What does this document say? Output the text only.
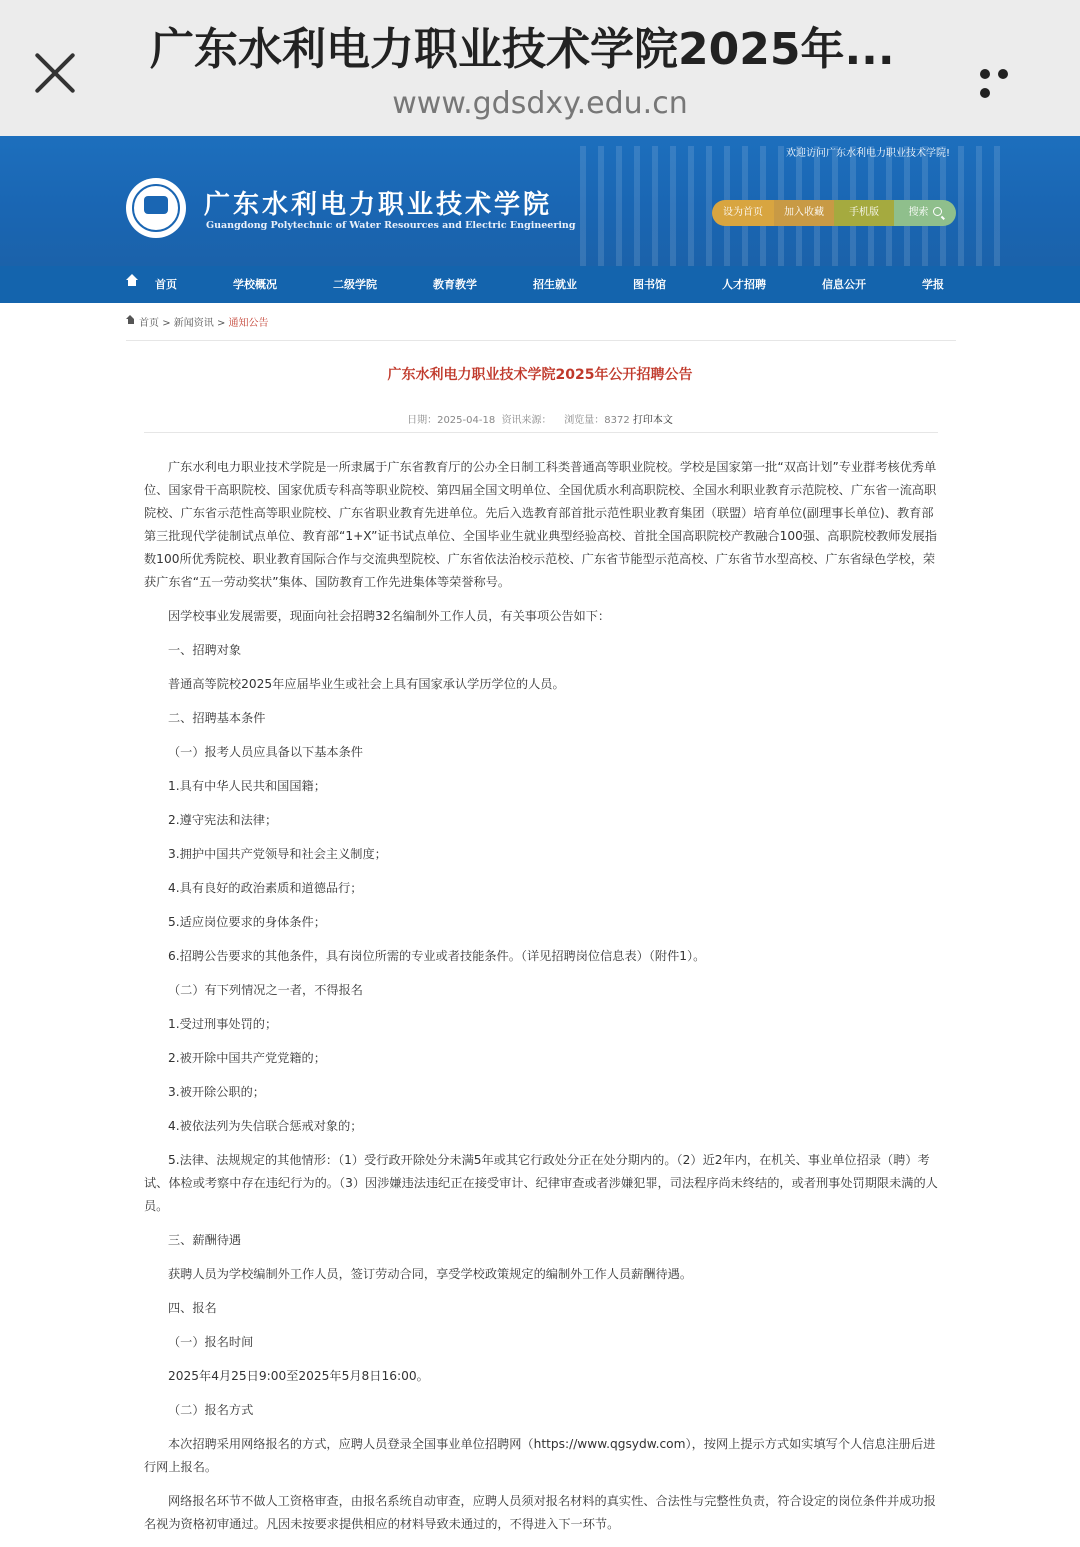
广东水利电力职业技术学院2025年...
www.gdsdxy.edu.cn
欢迎访问广东水利电力职业技术学院!
广东水利电力职业技术学院
Guangdong Polytechnic of Water Resources and Electric Engineering
设为首页	加入收藏	手机版	搜索
首页	学校概况	二级学院	教育教学	招生就业	图书馆	人才招聘	信息公开	学报
首页 > 新闻资讯 > 通知公告
广东水利电力职业技术学院2025年公开招聘公告
日期：2025-04-18 资讯来源： 浏览量：8372 打印本文

广东水利电力职业技术学院是一所隶属于广东省教育厅的公办全日制工科类普通高等职业院校。学校是国家第一批“双高计划”专业群考核优秀单位、国家骨干高职院校、国家优质专科高等职业院校、第四届全国文明单位、全国优质水利高职院校、全国水利职业教育示范院校、广东省一流高职院校、广东省示范性高等职业院校、广东省职业教育先进单位。先后入选教育部首批示范性职业教育集团（联盟）培育单位(副理事长单位)、教育部第三批现代学徒制试点单位、教育部“1+X”证书试点单位、全国毕业生就业典型经验高校、首批全国高职院校产教融合100强、高职院校教师发展指数100所优秀院校、职业教育国际合作与交流典型院校、广东省依法治校示范校、广东省节能型示范高校、广东省节水型高校、广东省绿色学校，荣获广东省“五一劳动奖状”集体、国防教育工作先进集体等荣誉称号。

因学校事业发展需要，现面向社会招聘32名编制外工作人员，有关事项公告如下：

一、招聘对象

普通高等院校2025年应届毕业生或社会上具有国家承认学历学位的人员。

二、招聘基本条件

（一）报考人员应具备以下基本条件

1.具有中华人民共和国国籍；

2.遵守宪法和法律；

3.拥护中国共产党领导和社会主义制度；

4.具有良好的政治素质和道德品行；

5.适应岗位要求的身体条件；

6.招聘公告要求的其他条件，具有岗位所需的专业或者技能条件。（详见招聘岗位信息表）（附件1）。

（二）有下列情况之一者，不得报名

1.受过刑事处罚的；

2.被开除中国共产党党籍的；

3.被开除公职的；

4.被依法列为失信联合惩戒对象的；

5.法律、法规规定的其他情形：（1）受行政开除处分未满5年或其它行政处分正在处分期内的。（2）近2年内，在机关、事业单位招录（聘）考试、体检或考察中存在违纪行为的。（3）因涉嫌违法违纪正在接受审计、纪律审查或者涉嫌犯罪，司法程序尚未终结的，或者刑事处罚期限未满的人员。

三、薪酬待遇

获聘人员为学校编制外工作人员，签订劳动合同，享受学校政策规定的编制外工作人员薪酬待遇。

四、报名

（一）报名时间

2025年4月25日9:00至2025年5月8日16:00。

（二）报名方式

本次招聘采用网络报名的方式，应聘人员登录全国事业单位招聘网（https://www.qgsydw.com），按网上提示方式如实填写个人信息注册后进行网上报名。

网络报名环节不做人工资格审查，由报名系统自动审查，应聘人员须对报名材料的真实性、合法性与完整性负责，符合设定的岗位条件并成功报名视为资格初审通过。凡因未按要求提供相应的材料导致未通过的，不得进入下一环节。
